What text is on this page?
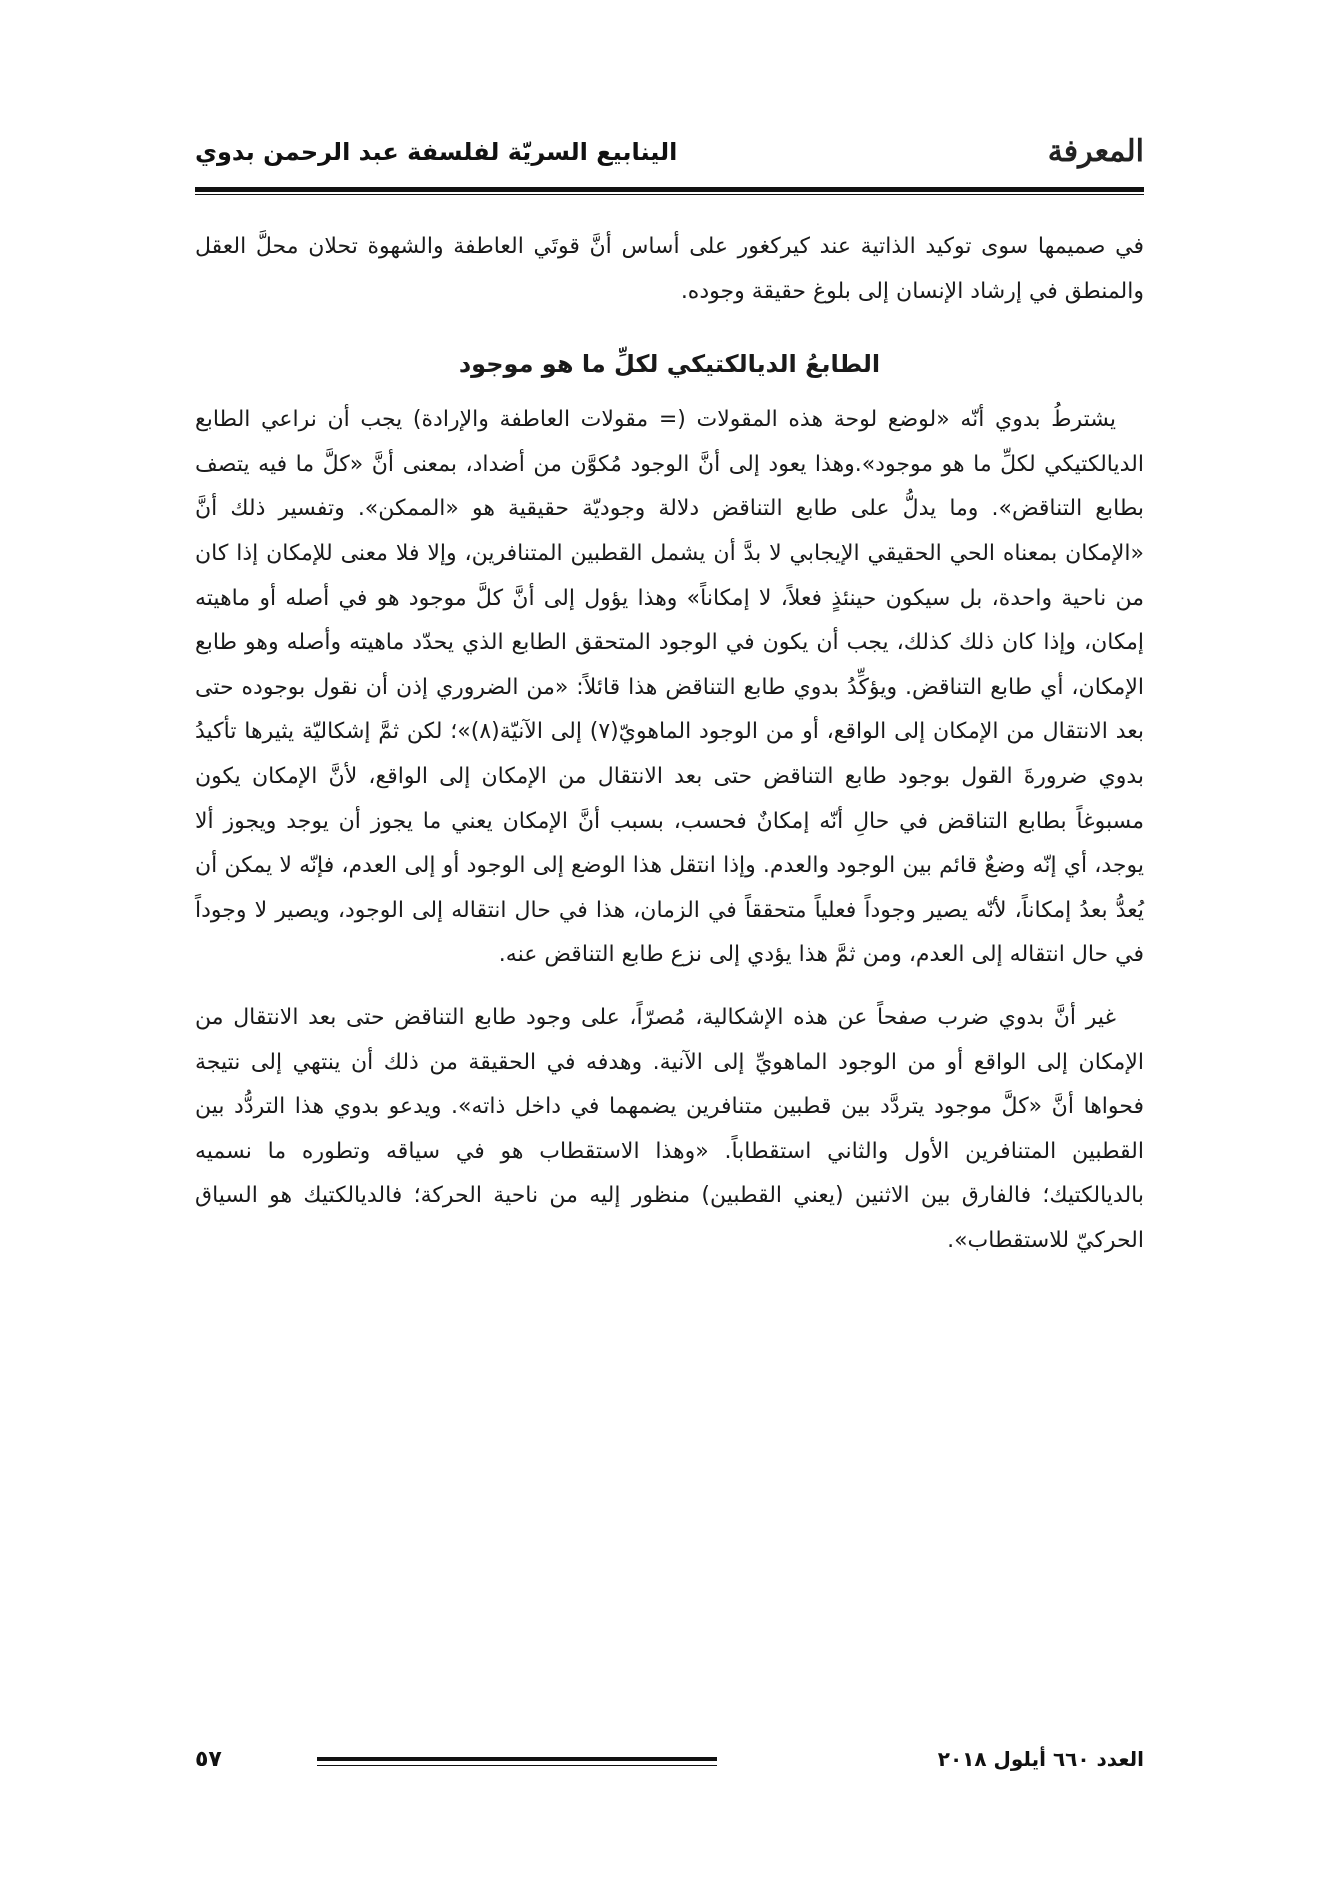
المعرفة
الينابيع السريّة لفلسفة عبد الرحمن بدوي

في صميمها سوى توكيد الذاتية عند كيركغور على أساس أنَّ قوتَي العاطفة والشهوة تحلان محلَّ العقل والمنطق في إرشاد الإنسان إلى بلوغ حقيقة وجوده.

الطابعُ الديالكتيكي لكلِّ ما هو موجود

يشترطُ بدوي أنّه «لوضع لوحة هذه المقولات (= مقولات العاطفة والإرادة) يجب أن نراعي الطابع الديالكتيكي لكلِّ ما هو موجود».وهذا يعود إلى أنَّ الوجود مُكوَّن من أضداد، بمعنى أنَّ «كلَّ ما فيه يتصف بطابع التناقض». وما يدلُّ على طابع التناقض دلالة وجوديّة حقيقية هو «الممكن». وتفسير ذلك أنَّ «الإمكان بمعناه الحي الحقيقي الإيجابي لا بدَّ أن يشمل القطبين المتنافرين، وإلا فلا معنى للإمكان إذا كان من ناحية واحدة، بل سيكون حينئذٍ فعلاً، لا إمكاناً» وهذا يؤول إلى أنَّ كلَّ موجود هو في أصله أو ماهيته إمكان، وإذا كان ذلك كذلك، يجب أن يكون في الوجود المتحقق الطابع الذي يحدّد ماهيته وأصله وهو طابع الإمكان، أي طابع التناقض. ويؤكِّدُ بدوي طابع التناقض هذا قائلاً: «من الضروري إذن أن نقول بوجوده حتى بعد الانتقال من الإمكان إلى الواقع، أو من الوجود الماهويّ(٧) إلى الآنيّة(٨)»؛ لكن ثمَّ إشكاليّة يثيرها تأكيدُ بدوي ضرورةَ القول بوجود طابع التناقض حتى بعد الانتقال من الإمكان إلى الواقع، لأنَّ الإمكان يكون مسبوغاً بطابع التناقض في حالِ أنّه إمكانٌ فحسب، بسبب أنَّ الإمكان يعني ما يجوز أن يوجد ويجوز ألا يوجد، أي إنّه وضعٌ قائم بين الوجود والعدم. وإذا انتقل هذا الوضع إلى الوجود أو إلى العدم، فإنّه لا يمكن أن يُعدُّ بعدُ إمكاناً، لأنّه يصير وجوداً فعلياً متحققاً في الزمان، هذا في حال انتقاله إلى الوجود، ويصير لا وجوداً في حال انتقاله إلى العدم، ومن ثمَّ هذا يؤدي إلى نزع طابع التناقض عنه.

غير أنَّ بدوي ضرب صفحاً عن هذه الإشكالية، مُصرّاً، على وجود طابع التناقض حتى بعد الانتقال من الإمكان إلى الواقع أو من الوجود الماهويِّ إلى الآنية. وهدفه في الحقيقة من ذلك أن ينتهي إلى نتيجة فحواها أنَّ «كلَّ موجود يتردَّد بين قطبين متنافرين يضمهما في داخل ذاته». ويدعو بدوي هذا التردُّد بين القطبين المتنافرين الأول والثاني استقطاباً. «وهذا الاستقطاب هو في سياقه وتطوره ما نسميه بالديالكتيك؛ فالفارق بين الاثنين (يعني القطبين) منظور إليه من ناحية الحركة؛ فالديالكتيك هو السياق الحركيّ للاستقطاب».

العدد ٦٦٠ أيلول ٢٠١٨
٥٧
